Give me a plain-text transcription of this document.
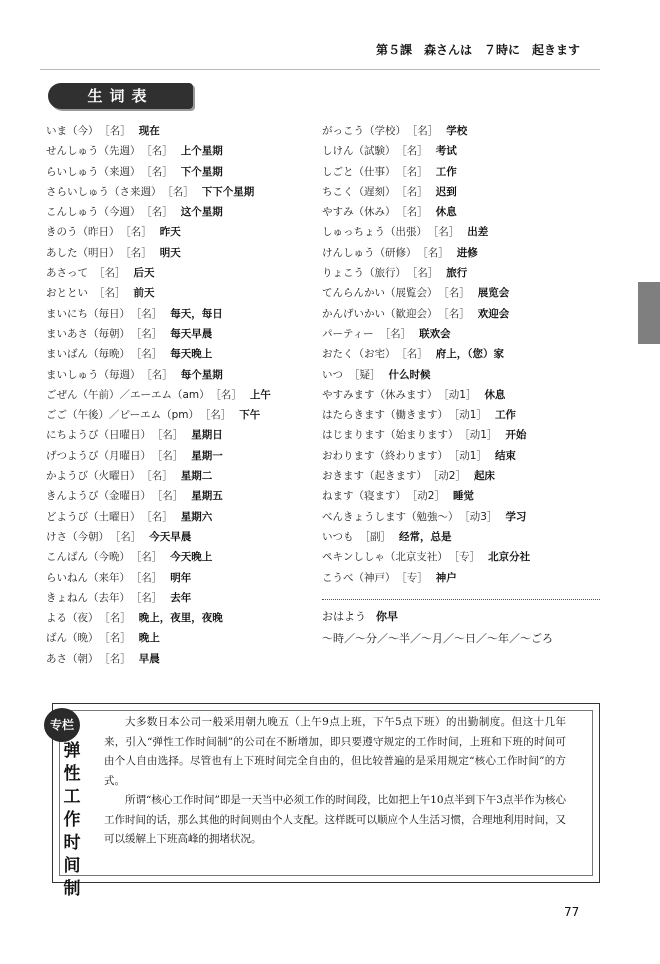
第５課　森さんは　７時に　起きます
生词表
いま（今） ［名］ 现在
せんしゅう（先週） ［名］ 上个星期
らいしゅう（来週） ［名］ 下个星期
さらいしゅう（さ来週） ［名］ 下下个星期
こんしゅう（今週） ［名］ 这个星期
きのう（昨日） ［名］ 昨天
あした（明日） ［名］ 明天
あさって ［名］ 后天
おととい ［名］ 前天
まいにち（毎日） ［名］ 每天，每日
まいあさ（毎朝） ［名］ 每天早晨
まいばん（毎晩） ［名］ 每天晚上
まいしゅう（毎週） ［名］ 每个星期
ごぜん（午前）／エーエム（am） ［名］ 上午
ごご（午後）／ピーエム（pm） ［名］ 下午
にちようび（日曜日） ［名］ 星期日
げつようび（月曜日） ［名］ 星期一
かようび（火曜日） ［名］ 星期二
きんようび（金曜日） ［名］ 星期五
どようび（土曜日） ［名］ 星期六
けさ（今朝） ［名］ 今天早晨
こんばん（今晩） ［名］ 今天晚上
らいねん（来年） ［名］ 明年
きょねん（去年） ［名］ 去年
よる（夜） ［名］ 晚上，夜里，夜晚
ばん（晩） ［名］ 晚上
あさ（朝） ［名］ 早晨
がっこう（学校） ［名］ 学校
しけん（試験） ［名］ 考试
しごと（仕事） ［名］ 工作
ちこく（遅刻） ［名］ 迟到
やすみ（休み） ［名］ 休息
しゅっちょう（出張） ［名］ 出差
けんしゅう（研修） ［名］ 进修
りょこう（旅行） ［名］ 旅行
てんらんかい（展覧会） ［名］ 展览会
かんげいかい（歓迎会） ［名］ 欢迎会
パーティー ［名］ 联欢会
おたく（お宅） ［名］ 府上，（您）家
いつ ［疑］ 什么时候
やすみます（休みます） ［动1］ 休息
はたらきます（働きます） ［动1］ 工作
はじまります（始まります） ［动1］ 开始
おわります（終わります） ［动1］ 结束
おきます（起きます） ［动2］ 起床
ねます（寝ます） ［动2］ 睡觉
べんきょうします（勉強～） ［动3］ 学习
いつも ［副］ 经常，总是
ペキンししゃ（北京支社） ［专］ 北京分社
こうべ（神戸） ［专］ 神户
おはよう 你早
～時／～分／～半／～月／～日／～年／～ごろ
专栏
弹
性
工
作
时
间
制

大多数日本公司一般采用朝九晚五（上午9点上班，下午5点下班）的出勤制度。但这十几年来，引入“弹性工作时间制”的公司在不断增加，即只要遵守规定的工作时间，上班和下班的时间可由个人自由选择。尽管也有上下班时间完全自由的，但比较普遍的是采用规定“核心工作时间”的方式。

所谓“核心工作时间”即是一天当中必须工作的时间段，比如把上午10点半到下午3点半作为核心工作时间的话，那么其他的时间则由个人支配。这样既可以顺应个人生活习惯，合理地利用时间，又可以缓解上下班高峰的拥堵状况。

77
